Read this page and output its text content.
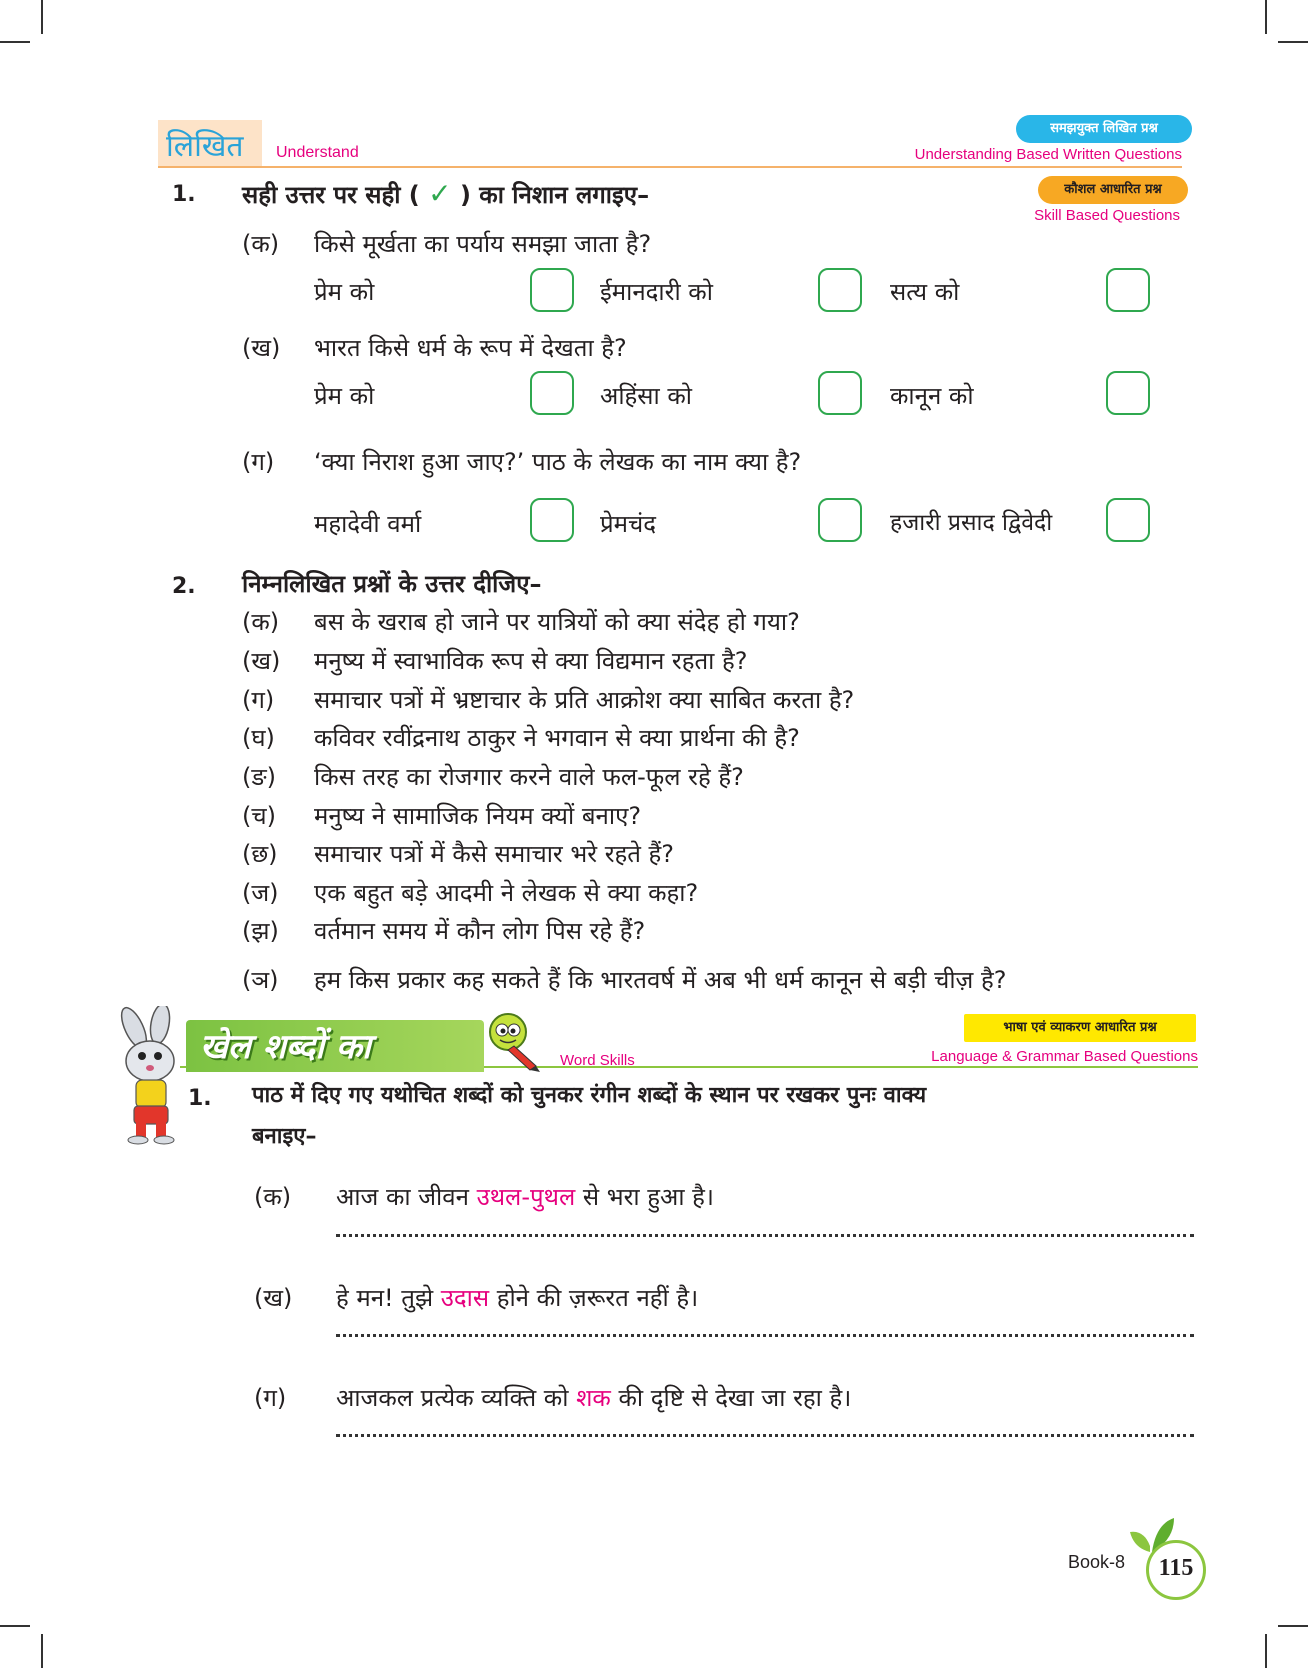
लिखित Understand
समझयुक्त लिखित प्रश्न
Understanding Based Written Questions
कौशल आधारित प्रश्न
Skill Based Questions
1. सही उत्तर पर सही ( ✓ ) का निशान लगाइए–
(क) किसे मूर्खता का पर्याय समझा जाता है?
प्रेम को	ईमानदारी को	सत्य को
(ख) भारत किसे धर्म के रूप में देखता है?
प्रेम को	अहिंसा को	कानून को
(ग) ‘क्या निराश हुआ जाए?’ पाठ के लेखक का नाम क्या है?
महादेवी वर्मा	प्रेमचंद	हजारी प्रसाद द्विवेदी
2. निम्नलिखित प्रश्नों के उत्तर दीजिए–
(क) बस के खराब हो जाने पर यात्रियों को क्या संदेह हो गया?
(ख) मनुष्य में स्वाभाविक रूप से क्या विद्यमान रहता है?
(ग) समाचार पत्रों में भ्रष्टाचार के प्रति आक्रोश क्या साबित करता है?
(घ) कविवर रवींद्रनाथ ठाकुर ने भगवान से क्या प्रार्थना की है?
(ङ) किस तरह का रोजगार करने वाले फल-फूल रहे हैं?
(च) मनुष्य ने सामाजिक नियम क्यों बनाए?
(छ) समाचार पत्रों में कैसे समाचार भरे रहते हैं?
(ज) एक बहुत बड़े आदमी ने लेखक से क्या कहा?
(झ) वर्तमान समय में कौन लोग पिस रहे हैं?
(ञ) हम किस प्रकार कह सकते हैं कि भारतवर्ष में अब भी धर्म कानून से बड़ी चीज़ है?
खेल शब्दों का	Word Skills
भाषा एवं व्याकरण आधारित प्रश्न
Language & Grammar Based Questions
1. पाठ में दिए गए यथोचित शब्दों को चुनकर रंगीन शब्दों के स्थान पर रखकर पुनः वाक्य
बनाइए–
(क) आज का जीवन उथल-पुथल से भरा हुआ है।
(ख) हे मन! तुझे उदास होने की ज़रूरत नहीं है।
(ग) आजकल प्रत्येक व्यक्ति को शक की दृष्टि से देखा जा रहा है।
Book-8	115
